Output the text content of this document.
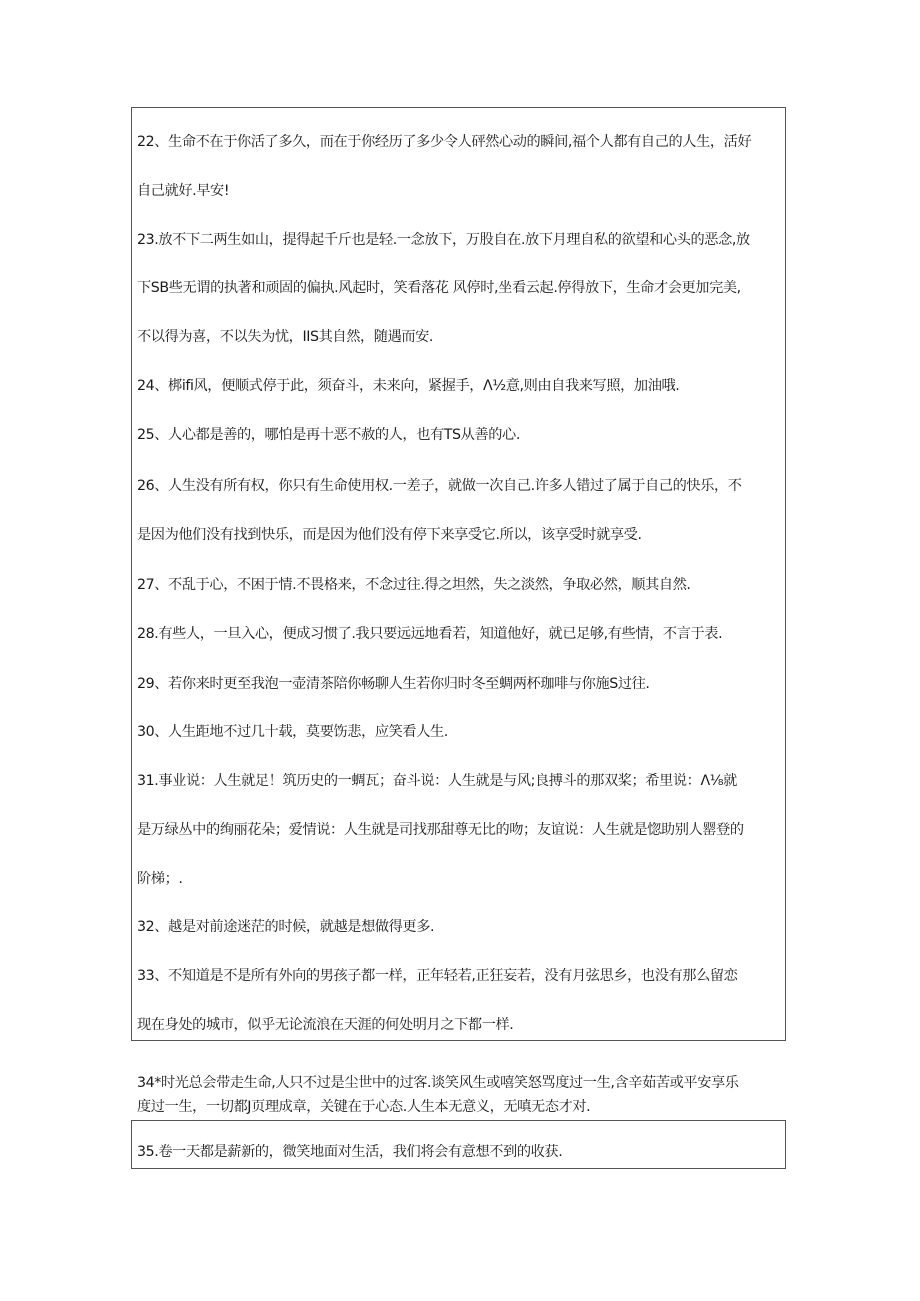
22、生命不在于你活了多久，而在于你经历了多少令人砰然心动的瞬间,福个人都有自己的人生，活好
自己就好.早安!
23.放不下二两生如山，提得起千斤也是轻.一念放下，万股自在.放下月理自私的欲望和心头的恶念,放
下SB些无谓的执著和顽固的偏执.风起时，笑看落花 风停时,坐看云起.停得放下，生命才会更加完美,
不以得为喜，不以失为忧，IIS其自然，随遇而安.
24、梆ifi风，便顺式停于此，须奋斗，未来向，紧握手，Λ½意,则由自我来写照，加油哦.
25、人心都是善的，哪怕是再十恶不赦的人，也有TS从善的心.
26、人生没有所有权，你只有生命使用权.一差子，就做一次自己.许多人错过了属于自己的快乐，不
是因为他们没有找到快乐，而是因为他们没有停下来享受它.所以，该享受时就享受.
27、不乱于心，不困于情.不畏格来，不念过往.得之坦然，失之淡然，争取必然，顺其自然.
28.有些人，一旦入心，便成习惯了.我只要远远地看若，知道他好，就已足够,有些情，不言于表.
29、若你来时更至我泡一壶清茶陪你畅聊人生若你归时冬至蜩两杯珈啡与你施S过往.
30、人生距地不过几十载，莫要饬悲，应笑看人生.
31.事业说：人生就足！筑历史的一蜩瓦；奋斗说：人生就是与风;良搏斗的那双桨；希里说：Λ⅛就
是万绿丛中的绚丽花朵；爱情说：人生就是司找那甜尊无比的吻；友谊说：人生就是惚助别人罂登的
阶梯；.
32、越是对前途迷茫的时候，就越是想做得更多.
33、不知道是不是所有外向的男孩子都一样，正年轻若,正狂妄若，没有月弦思乡，也没有那么留恋
现在身处的城市，似乎无论流浪在天涯的何处明月之下都一样.
34*时光总会带走生命,人只不过是尘世中的过客.谈笑风生或嘻笑怒骂度过一生,含辛茹苦或平安享乐
度过一生，一切都J页理成章，关键在于心态.人生本无意义，无嗔无态才对.
35.卷一天都是薪新的，微笑地面对生活，我们将会有意想不到的收获.
